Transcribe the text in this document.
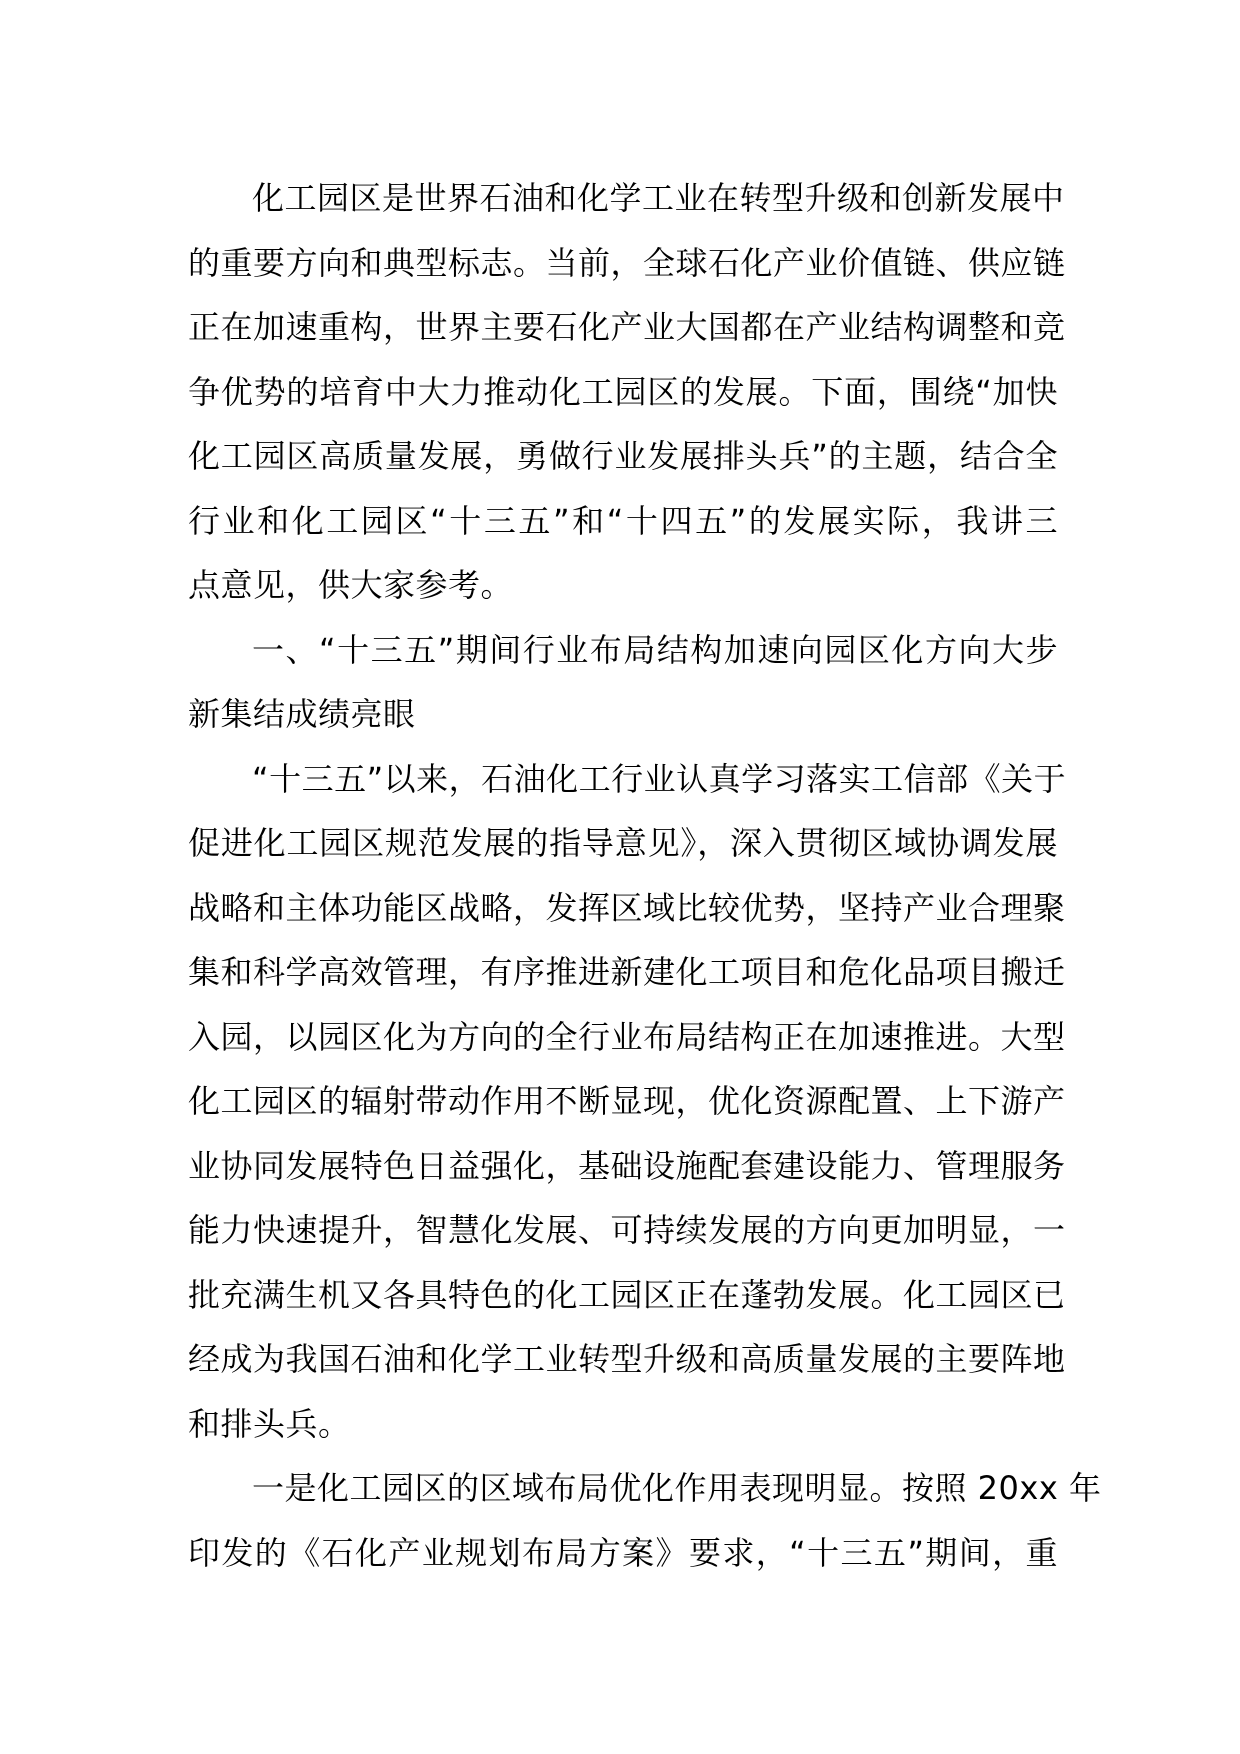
化工园区是世界石油和化学工业在转型升级和创新发展中
的重要方向和典型标志。当前，全球石化产业价值链、供应链
正在加速重构，世界主要石化产业大国都在产业结构调整和竞
争优势的培育中大力推动化工园区的发展。下面，围绕“加快
化工园区高质量发展，勇做行业发展排头兵”的主题，结合全
行业和化工园区“十三五”和“十四五”的发展实际，我讲三
点意见，供大家参考。
一、“十三五”期间行业布局结构加速向园区化方向大步
新集结成绩亮眼
“十三五”以来，石油化工行业认真学习落实工信部《关于
促进化工园区规范发展的指导意见》，深入贯彻区域协调发展
战略和主体功能区战略，发挥区域比较优势，坚持产业合理聚
集和科学高效管理，有序推进新建化工项目和危化品项目搬迁
入园，以园区化为方向的全行业布局结构正在加速推进。大型
化工园区的辐射带动作用不断显现，优化资源配置、上下游产
业协同发展特色日益强化，基础设施配套建设能力、管理服务
能力快速提升，智慧化发展、可持续发展的方向更加明显，一
批充满生机又各具特色的化工园区正在蓬勃发展。化工园区已
经成为我国石油和化学工业转型升级和高质量发展的主要阵地
和排头兵。
一是化工园区的区域布局优化作用表现明显。按照 20xx 年
印发的《石化产业规划布局方案》要求，“十三五”期间，重
